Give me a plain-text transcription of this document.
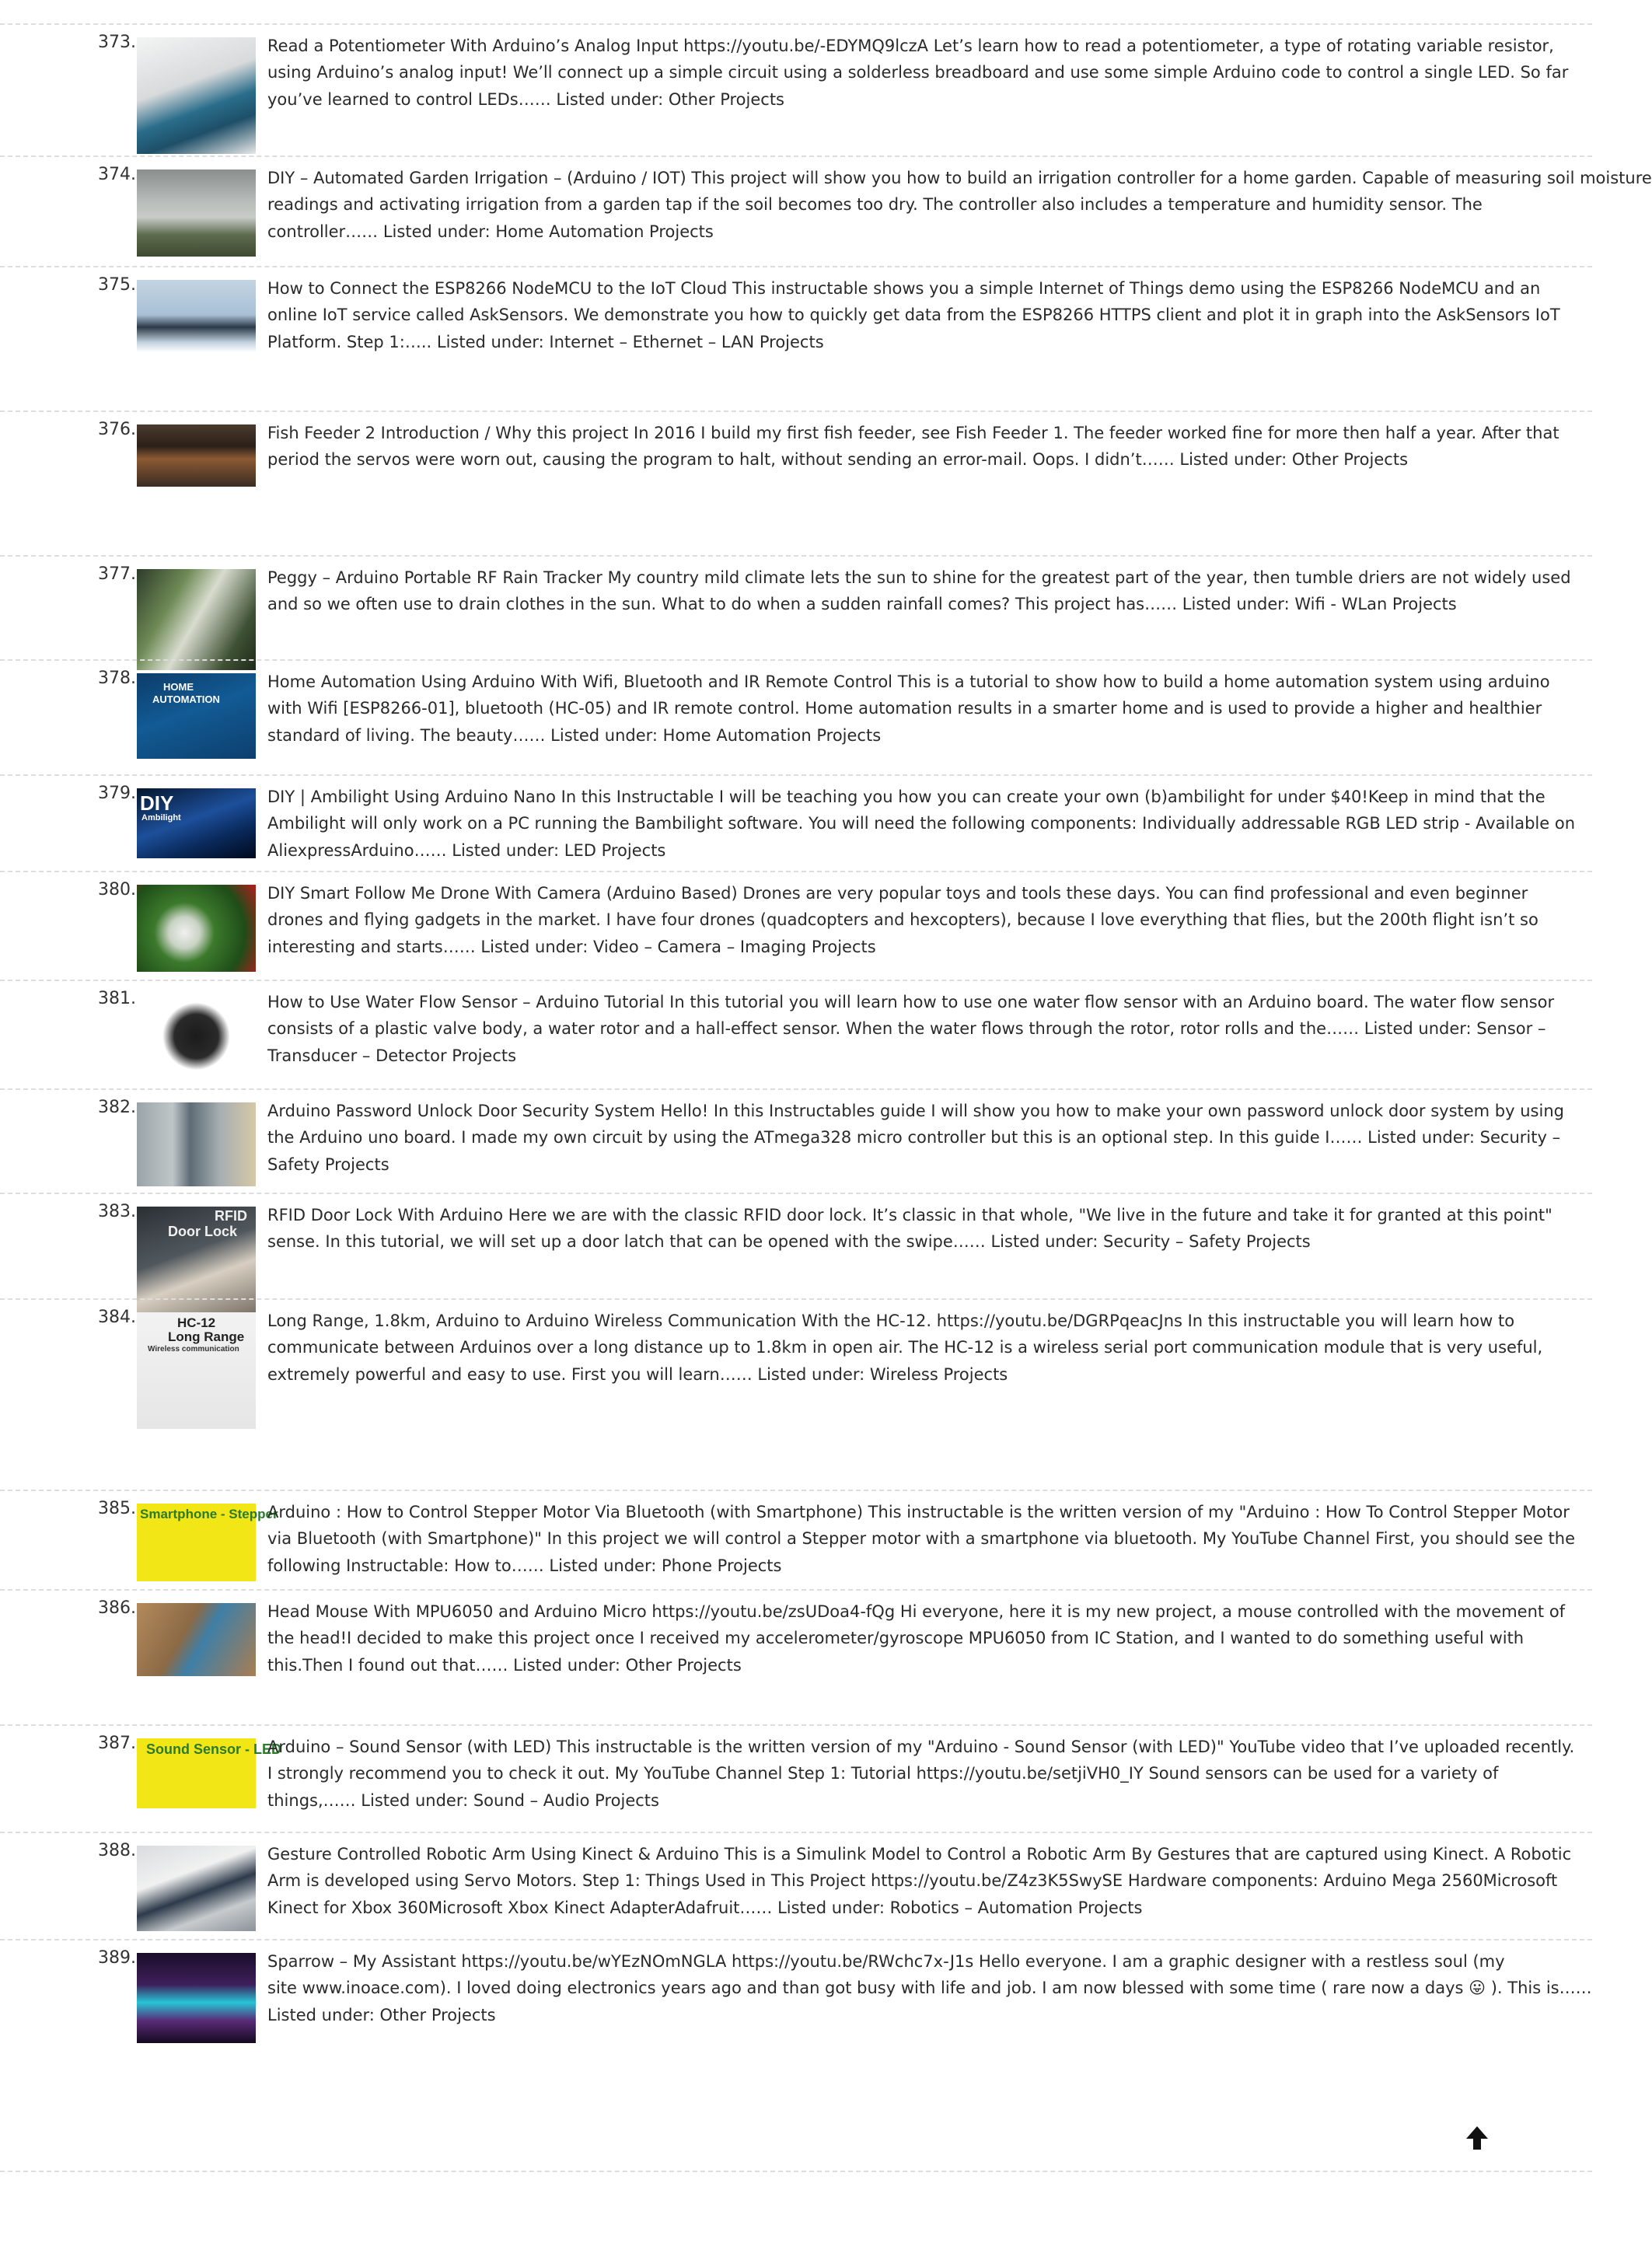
373.	Read a Potentiometer With Arduino’s Analog Input https://youtu.be/-EDYMQ9lczA Let’s learn how to read a potentiometer, a type of rotating variable resistor,
using Arduino’s analog input! We’ll connect up a simple circuit using a solderless breadboard and use some simple Arduino code to control a single LED. So far
you’ve learned to control LEDs…… Listed under: Other Projects
374.	DIY – Automated Garden Irrigation – (Arduino / IOT) This project will show you how to build an irrigation controller for a home garden. Capable of measuring soil moisture
readings and activating irrigation from a garden tap if the soil becomes too dry. The controller also includes a temperature and humidity sensor. The
controller…… Listed under: Home Automation Projects
375.	How to Connect the ESP8266 NodeMCU to the IoT Cloud This instructable shows you a simple Internet of Things demo using the ESP8266 NodeMCU and an
online IoT service called AskSensors. We demonstrate you how to quickly get data from the ESP8266 HTTPS client and plot it in graph into the AskSensors IoT
Platform. Step 1:….. Listed under: Internet – Ethernet – LAN Projects
376.	Fish Feeder 2 Introduction / Why this project In 2016 I build my first fish feeder, see Fish Feeder 1. The feeder worked fine for more then half a year. After that
period the servos were worn out, causing the program to halt, without sending an error-mail. Oops. I didn’t…… Listed under: Other Projects
377.	Peggy – Arduino Portable RF Rain Tracker My country mild climate lets the sun to shine for the greatest part of the year, then tumble driers are not widely used
and so we often use to drain clothes in the sun. What to do when a sudden rainfall comes? This project has…… Listed under: Wifi - WLan Projects
378.	HOME
AUTOMATION
Home Automation Using Arduino With Wifi, Bluetooth and IR Remote Control This is a tutorial to show how to build a home automation system using arduino
with Wifi [ESP8266-01], bluetooth (HC-05) and IR remote control. Home automation results in a smarter home and is used to provide a higher and healthier
standard of living. The beauty…… Listed under: Home Automation Projects
379. DIY
Ambilight
DIY | Ambilight Using Arduino Nano In this Instructable I will be teaching you how you can create your own (b)ambilight for under $40!Keep in mind that the
Ambilight will only work on a PC running the Bambilight software. You will need the following components: Individually addressable RGB LED strip - Available on
AliexpressArduino…… Listed under: LED Projects
380.	DIY Smart Follow Me Drone With Camera (Arduino Based) Drones are very popular toys and tools these days. You can find professional and even beginner
drones and flying gadgets in the market. I have four drones (quadcopters and hexcopters), because I love everything that flies, but the 200th flight isn’t so
interesting and starts…… Listed under: Video – Camera – Imaging Projects
381.	How to Use Water Flow Sensor – Arduino Tutorial In this tutorial you will learn how to use one water flow sensor with an Arduino board. The water flow sensor
consists of a plastic valve body, a water rotor and a hall-effect sensor. When the water flows through the rotor, rotor rolls and the…… Listed under: Sensor –
Transducer – Detector Projects
382.	Arduino Password Unlock Door Security System Hello! In this Instructables guide I will show you how to make your own password unlock door system by using
the Arduino uno board. I made my own circuit by using the ATmega328 micro controller but this is an optional step. In this guide I…… Listed under: Security –
Safety Projects
383.	RFID
Door Lock
RFID Door Lock With Arduino Here we are with the classic RFID door lock. It’s classic in that whole, "We live in the future and take it for granted at this point"
sense. In this tutorial, we will set up a door latch that can be opened with the swipe…… Listed under: Security – Safety Projects
384.	HC-12
Long Range
Wireless communication
Long Range, 1.8km, Arduino to Arduino Wireless Communication With the HC-12. https://youtu.be/DGRPqeacJns In this instructable you will learn how to
communicate between Arduinos over a long distance up to 1.8km in open air. The HC-12 is a wireless serial port communication module that is very useful,
extremely powerful and easy to use. First you will learn…… Listed under: Wireless Projects
385. Smartphone - Stepper
Arduino : How to Control Stepper Motor Via Bluetooth (with Smartphone) This instructable is the written version of my "Arduino : How To Control Stepper Motor
via Bluetooth (with Smartphone)" In this project we will control a Stepper motor with a smartphone via bluetooth. My YouTube Channel First, you should see the
following Instructable: How to…… Listed under: Phone Projects
386.	Head Mouse With MPU6050 and Arduino Micro https://youtu.be/zsUDoa4-fQg Hi everyone, here it is my new project, a mouse controlled with the movement of
the head!I decided to make this project once I received my accelerometer/gyroscope MPU6050 from IC Station, and I wanted to do something useful with
this.Then I found out that…… Listed under: Other Projects
387. Sound Sensor - LED
Arduino – Sound Sensor (with LED) This instructable is the written version of my "Arduino - Sound Sensor (with LED)" YouTube video that I’ve uploaded recently.
I strongly recommend you to check it out. My YouTube Channel Step 1: Tutorial https://youtu.be/setjiVH0_IY Sound sensors can be used for a variety of
things,…… Listed under: Sound – Audio Projects
388.	Gesture Controlled Robotic Arm Using Kinect & Arduino This is a Simulink Model to Control a Robotic Arm By Gestures that are captured using Kinect. A Robotic
Arm is developed using Servo Motors. Step 1: Things Used in This Project https://youtu.be/Z4z3K5SwySE Hardware components: Arduino Mega 2560Microsoft
Kinect for Xbox 360Microsoft Xbox Kinect AdapterAdafruit…… Listed under: Robotics – Automation Projects
389.	Sparrow – My Assistant https://youtu.be/wYEzNOmNGLA https://youtu.be/RWchc7x-J1s Hello everyone. I am a graphic designer with a restless soul (my
site www.inoace.com). I loved doing electronics years ago and than got busy with life and job. I am now blessed with some time ( rare now a days 😛 ). This is……
Listed under: Other Projects
